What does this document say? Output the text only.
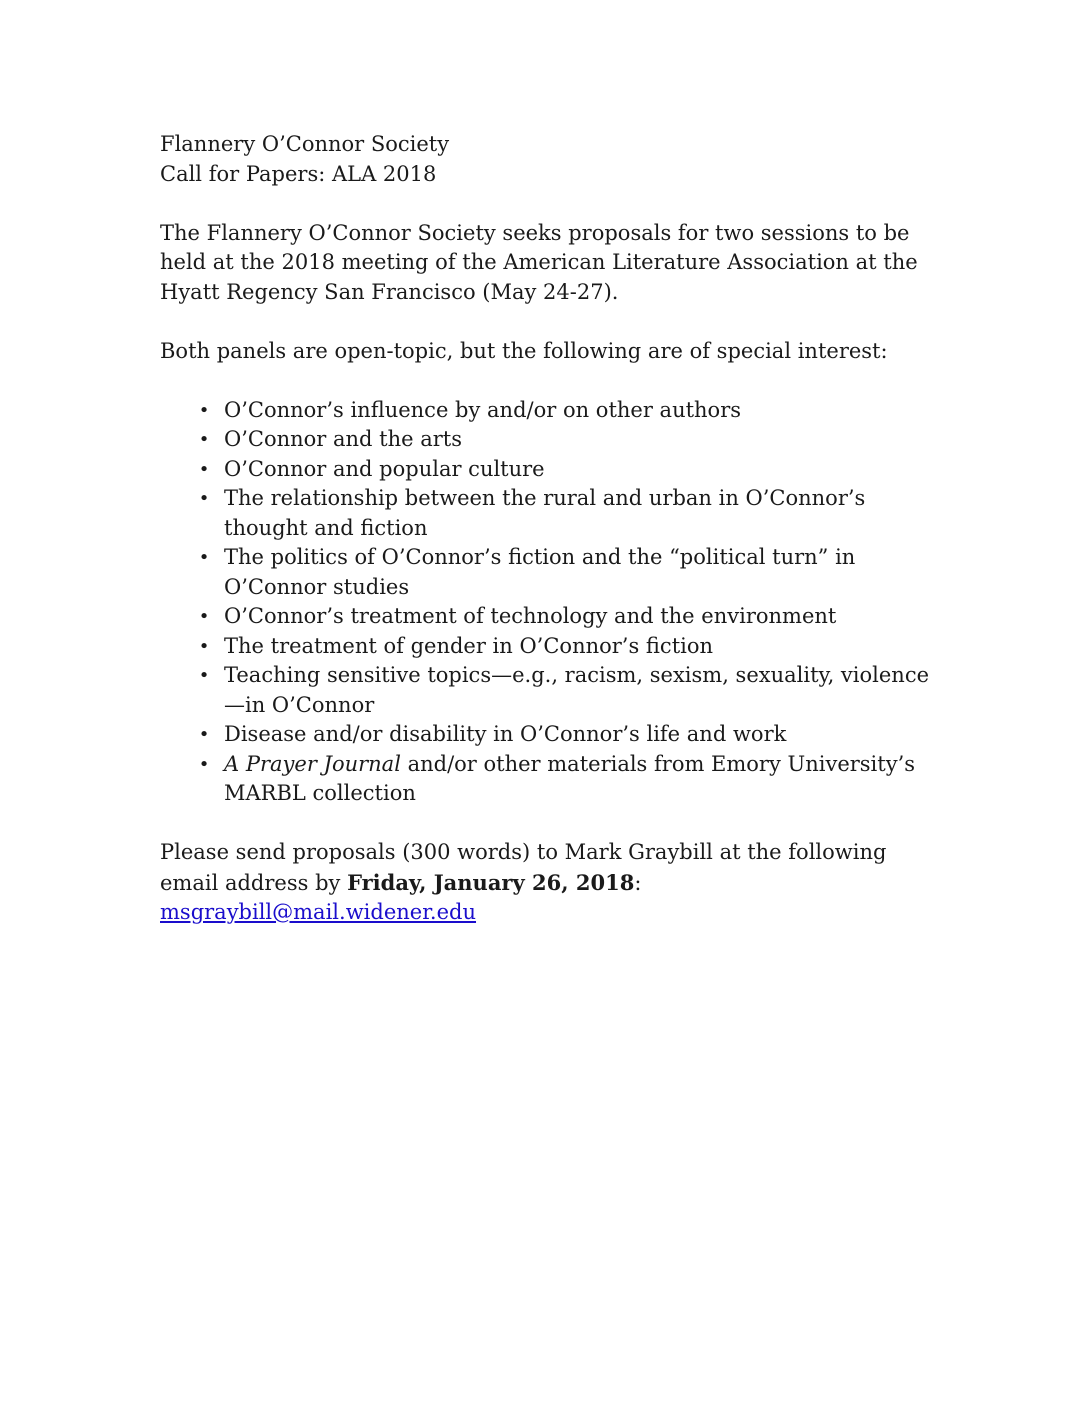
Flannery O’Connor Society

Call for Papers: ALA 2018

The Flannery O’Connor Society seeks proposals for two sessions to be held at the 2018 meeting of the American Literature Association at the Hyatt Regency San Francisco (May 24-27).

Both panels are open-topic, but the following are of special interest:

• O’Connor’s influence by and/or on other authors
• O’Connor and the arts
• O’Connor and popular culture
• The relationship between the rural and urban in O’Connor’s thought and fiction
• The politics of O’Connor’s fiction and the “political turn” in O’Connor studies
• O’Connor’s treatment of technology and the environment
• The treatment of gender in O’Connor’s fiction
• Teaching sensitive topics—e.g., racism, sexism, sexuality, violence—in O’Connor
• Disease and/or disability in O’Connor’s life and work
• A Prayer Journal and/or other materials from Emory University’s MARBL collection

Please send proposals (300 words) to Mark Graybill at the following email address by Friday, January 26, 2018:
msgraybill@mail.widener.edu
